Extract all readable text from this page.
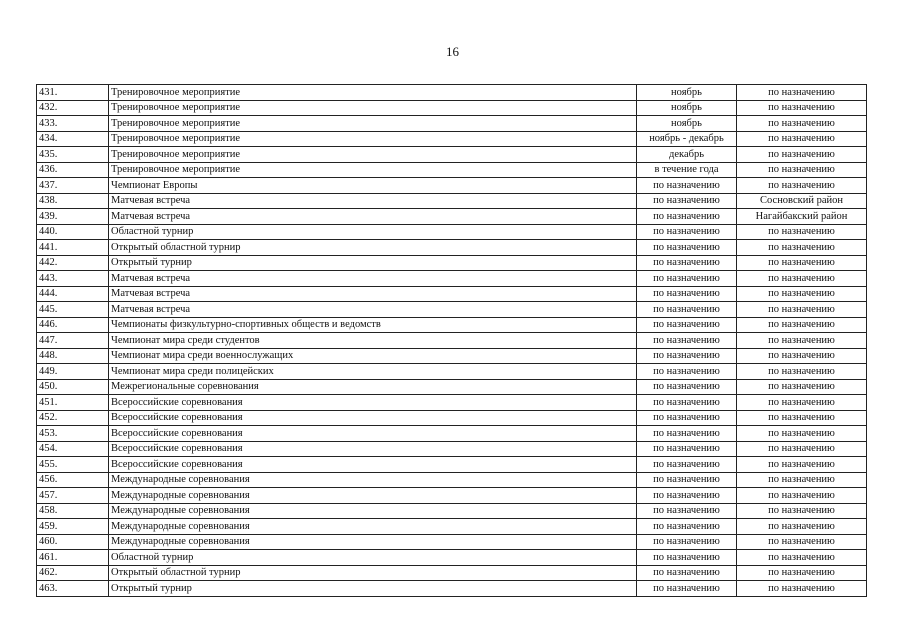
16
431.	Тренировочное мероприятие	ноябрь	по назначению
432.	Тренировочное мероприятие	ноябрь	по назначению
433.	Тренировочное мероприятие	ноябрь	по назначению
434.	Тренировочное мероприятие	ноябрь - декабрь	по назначению
435.	Тренировочное мероприятие	декабрь	по назначению
436.	Тренировочное мероприятие	в течение года	по назначению
437.	Чемпионат Европы	по назначению	по назначению
438.	Матчевая встреча	по назначению	Сосновский район
439.	Матчевая встреча	по назначению	Нагайбакский район
440.	Областной турнир	по назначению	по назначению
441.	Открытый областной турнир	по назначению	по назначению
442.	Открытый турнир	по назначению	по назначению
443.	Матчевая встреча	по назначению	по назначению
444.	Матчевая встреча	по назначению	по назначению
445.	Матчевая встреча	по назначению	по назначению
446.	Чемпионаты физкультурно-спортивных обществ и ведомств	по назначению	по назначению
447.	Чемпионат мира среди студентов	по назначению	по назначению
448.	Чемпионат мира среди военнослужащих	по назначению	по назначению
449.	Чемпионат мира среди полицейских	по назначению	по назначению
450.	Межрегиональные соревнования	по назначению	по назначению
451.	Всероссийские соревнования	по назначению	по назначению
452.	Всероссийские соревнования	по назначению	по назначению
453.	Всероссийские соревнования	по назначению	по назначению
454.	Всероссийские соревнования	по назначению	по назначению
455.	Всероссийские соревнования	по назначению	по назначению
456.	Международные соревнования	по назначению	по назначению
457.	Международные соревнования	по назначению	по назначению
458.	Международные соревнования	по назначению	по назначению
459.	Международные соревнования	по назначению	по назначению
460.	Международные соревнования	по назначению	по назначению
461.	Областной турнир	по назначению	по назначению
462.	Открытый областной турнир	по назначению	по назначению
463.	Открытый турнир	по назначению	по назначению
